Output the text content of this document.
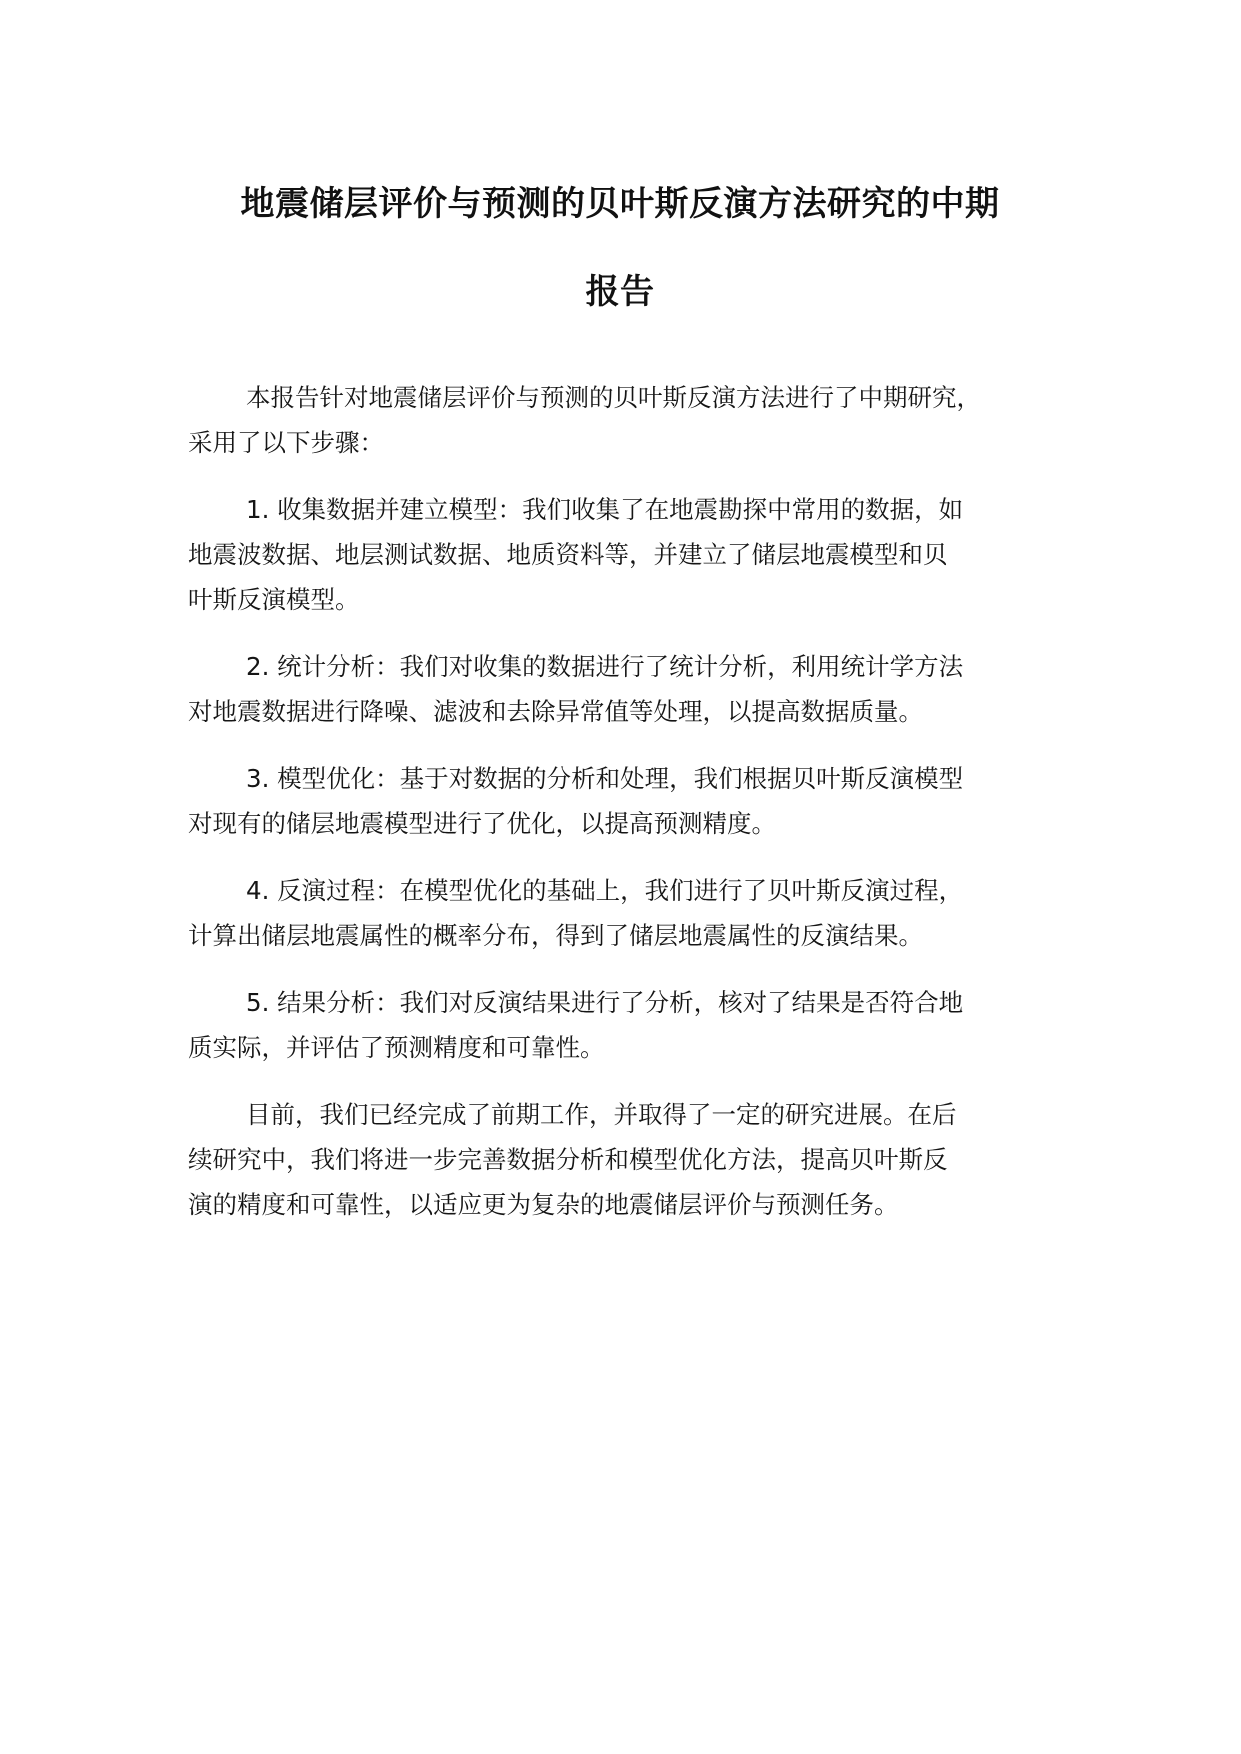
地震储层评价与预测的贝叶斯反演方法研究的中期
报告

本报告针对地震储层评价与预测的贝叶斯反演方法进行了中期研究，
采用了以下步骤：

1. 收集数据并建立模型：我们收集了在地震勘探中常用的数据，如
地震波数据、地层测试数据、地质资料等，并建立了储层地震模型和贝
叶斯反演模型。

2. 统计分析：我们对收集的数据进行了统计分析，利用统计学方法
对地震数据进行降噪、滤波和去除异常值等处理，以提高数据质量。

3. 模型优化：基于对数据的分析和处理，我们根据贝叶斯反演模型
对现有的储层地震模型进行了优化，以提高预测精度。

4. 反演过程：在模型优化的基础上，我们进行了贝叶斯反演过程，
计算出储层地震属性的概率分布，得到了储层地震属性的反演结果。

5. 结果分析：我们对反演结果进行了分析，核对了结果是否符合地
质实际，并评估了预测精度和可靠性。

目前，我们已经完成了前期工作，并取得了一定的研究进展。在后
续研究中，我们将进一步完善数据分析和模型优化方法，提高贝叶斯反
演的精度和可靠性，以适应更为复杂的地震储层评价与预测任务。
